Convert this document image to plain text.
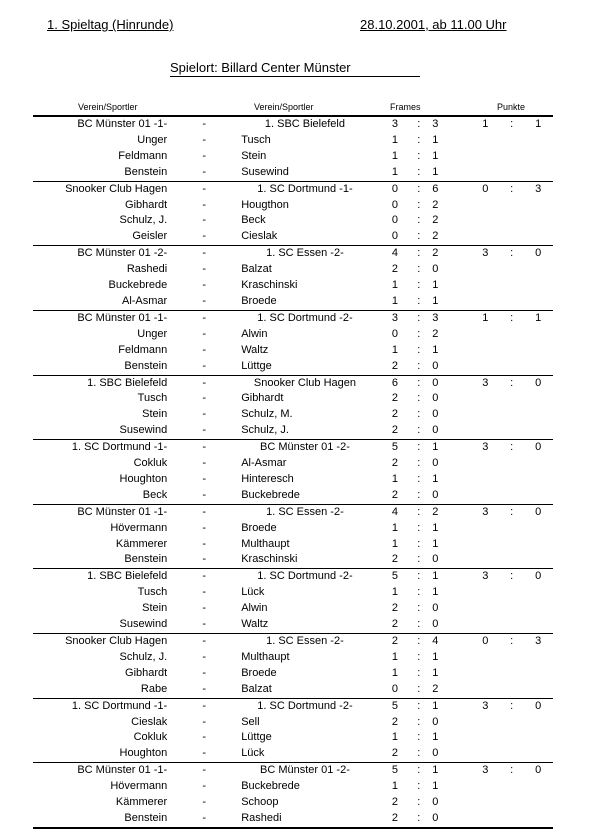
1. Spieltag (Hinrunde)	28.10.2001, ab 11.00 Uhr
Spielort: Billard Center Münster
Verein/Sportler	Verein/Sportler	Frames	Punkte
BC Münster 01 -1-	-	1. SBC Bielefeld	3	:	3		1	:	1
Unger	-	Tusch	1	:	1				
Feldmann	-	Stein	1	:	1				
Benstein	-	Susewind	1	:	1				
Snooker Club Hagen	-	1. SC Dortmund -1-	0	:	6		0	:	3
Gibhardt	-	Hougthon	0	:	2				
Schulz, J.	-	Beck	0	:	2				
Geisler	-	Cieslak	0	:	2				
BC Münster 01 -2-	-	1. SC Essen -2-	4	:	2		3	:	0
Rashedi	-	Balzat	2	:	0				
Buckebrede	-	Kraschinski	1	:	1				
Al-Asmar	-	Broede	1	:	1				
BC Münster 01 -1-	-	1. SC Dortmund -2-	3	:	3		1	:	1
Unger	-	Alwin	0	:	2				
Feldmann	-	Waltz	1	:	1				
Benstein	-	Lüttge	2	:	0				
1. SBC Bielefeld	-	Snooker Club Hagen	6	:	0		3	:	0
Tusch	-	Gibhardt	2	:	0				
Stein	-	Schulz, M.	2	:	0				
Susewind	-	Schulz, J.	2	:	0				
1. SC Dortmund -1-	-	BC Münster 01 -2-	5	:	1		3	:	0
Cokluk	-	Al-Asmar	2	:	0				
Houghton	-	Hinteresch	1	:	1				
Beck	-	Buckebrede	2	:	0				
BC Münster 01 -1-	-	1. SC Essen -2-	4	:	2		3	:	0
Hövermann	-	Broede	1	:	1				
Kämmerer	-	Multhaupt	1	:	1				
Benstein	-	Kraschinski	2	:	0				
1. SBC Bielefeld	-	1. SC Dortmund -2-	5	:	1		3	:	0
Tusch	-	Lück	1	:	1				
Stein	-	Alwin	2	:	0				
Susewind	-	Waltz	2	:	0				
Snooker Club Hagen	-	1. SC Essen -2-	2	:	4		0	:	3
Schulz, J.	-	Multhaupt	1	:	1				
Gibhardt	-	Broede	1	:	1				
Rabe	-	Balzat	0	:	2				
1. SC Dortmund -1-	-	1. SC Dortmund -2-	5	:	1		3	:	0
Cieslak	-	Sell	2	:	0				
Cokluk	-	Lüttge	1	:	1				
Houghton	-	Lück	2	:	0				
BC Münster 01 -1-	-	BC Münster 01 -2-	5	:	1		3	:	0
Hövermann	-	Buckebrede	1	:	1				
Kämmerer	-	Schoop	2	:	0				
Benstein	-	Rashedi	2	:	0				
